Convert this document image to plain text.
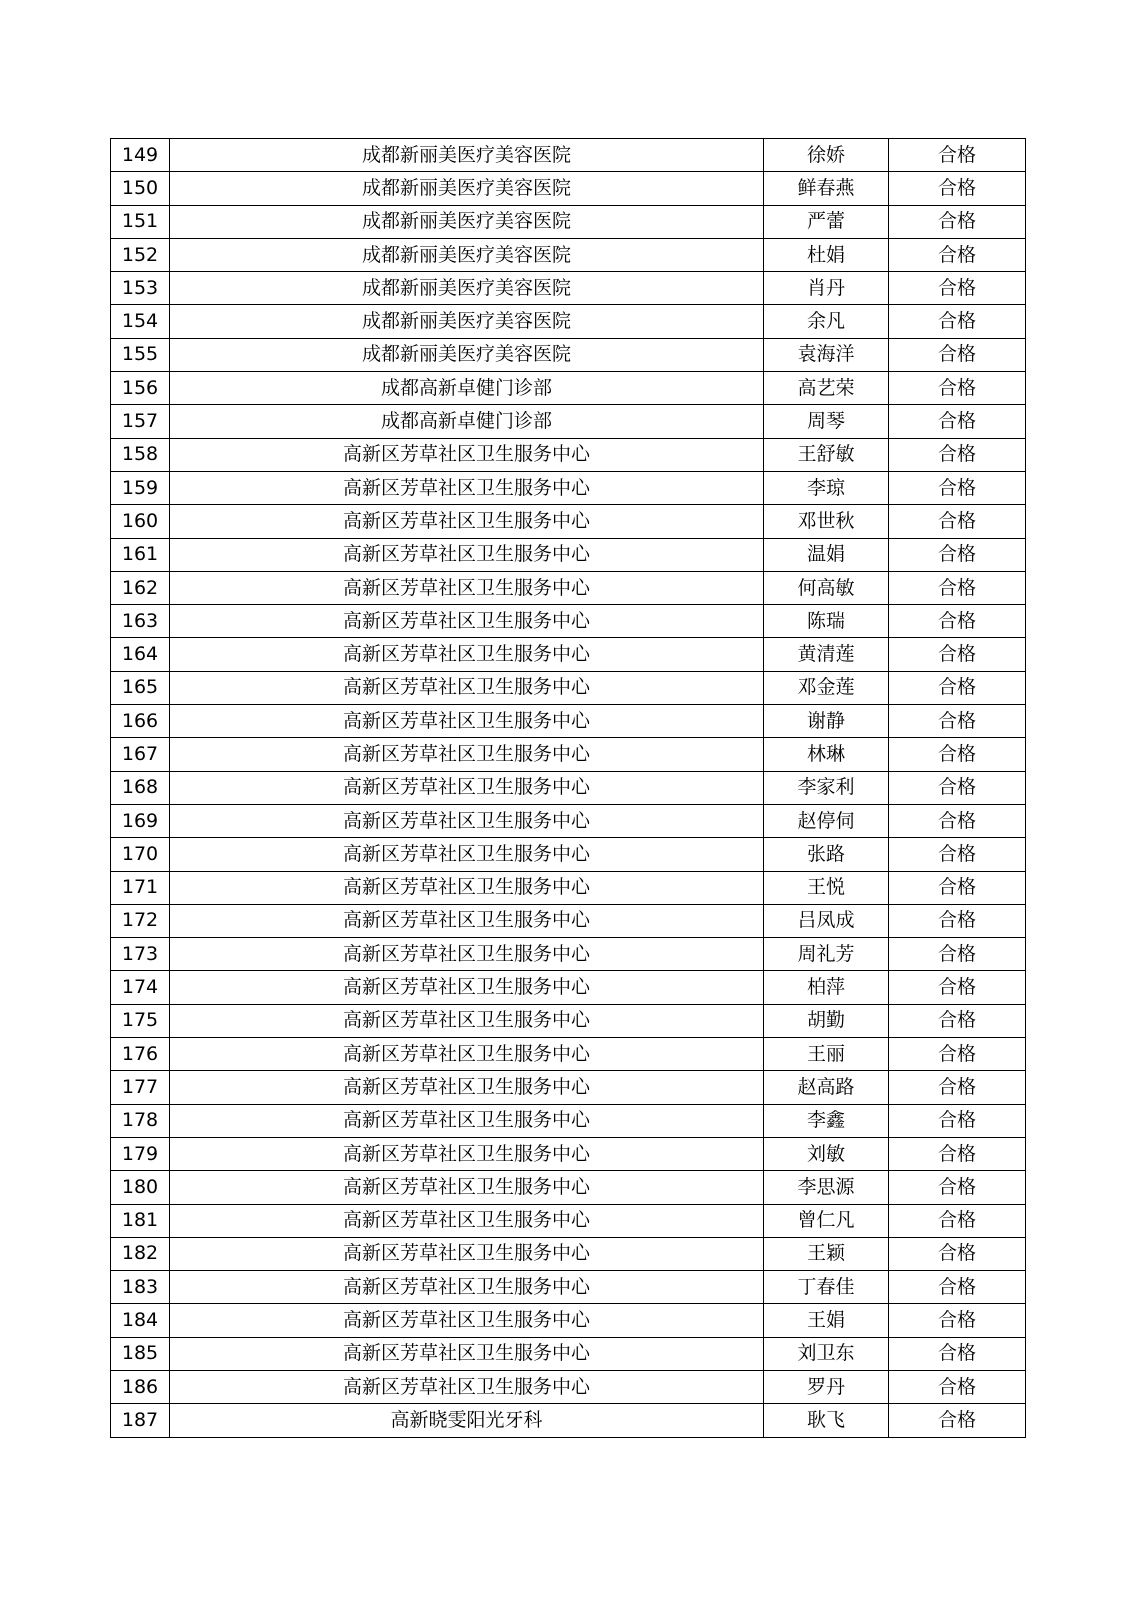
149	成都新丽美医疗美容医院	徐娇	合格
150	成都新丽美医疗美容医院	鲜春燕	合格
151	成都新丽美医疗美容医院	严蕾	合格
152	成都新丽美医疗美容医院	杜娟	合格
153	成都新丽美医疗美容医院	肖丹	合格
154	成都新丽美医疗美容医院	余凡	合格
155	成都新丽美医疗美容医院	袁海洋	合格
156	成都高新卓健门诊部	高艺荣	合格
157	成都高新卓健门诊部	周琴	合格
158	高新区芳草社区卫生服务中心	王舒敏	合格
159	高新区芳草社区卫生服务中心	李琼	合格
160	高新区芳草社区卫生服务中心	邓世秋	合格
161	高新区芳草社区卫生服务中心	温娟	合格
162	高新区芳草社区卫生服务中心	何高敏	合格
163	高新区芳草社区卫生服务中心	陈瑞	合格
164	高新区芳草社区卫生服务中心	黄清莲	合格
165	高新区芳草社区卫生服务中心	邓金莲	合格
166	高新区芳草社区卫生服务中心	谢静	合格
167	高新区芳草社区卫生服务中心	林琳	合格
168	高新区芳草社区卫生服务中心	李家利	合格
169	高新区芳草社区卫生服务中心	赵停伺	合格
170	高新区芳草社区卫生服务中心	张路	合格
171	高新区芳草社区卫生服务中心	王悦	合格
172	高新区芳草社区卫生服务中心	吕凤成	合格
173	高新区芳草社区卫生服务中心	周礼芳	合格
174	高新区芳草社区卫生服务中心	柏萍	合格
175	高新区芳草社区卫生服务中心	胡勤	合格
176	高新区芳草社区卫生服务中心	王丽	合格
177	高新区芳草社区卫生服务中心	赵高路	合格
178	高新区芳草社区卫生服务中心	李鑫	合格
179	高新区芳草社区卫生服务中心	刘敏	合格
180	高新区芳草社区卫生服务中心	李思源	合格
181	高新区芳草社区卫生服务中心	曾仁凡	合格
182	高新区芳草社区卫生服务中心	王颖	合格
183	高新区芳草社区卫生服务中心	丁春佳	合格
184	高新区芳草社区卫生服务中心	王娟	合格
185	高新区芳草社区卫生服务中心	刘卫东	合格
186	高新区芳草社区卫生服务中心	罗丹	合格
187	高新晓雯阳光牙科	耿飞	合格
